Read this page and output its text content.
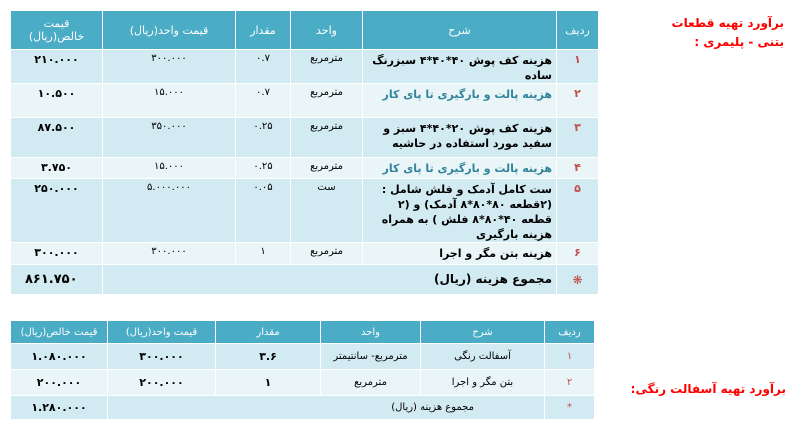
برآورد تهیه قطعات
بتنی - پلیمری :
قیمت خالص(ریال)	قیمت واحد(ریال)	مقدار	واحد	شرح	ردیف
۲۱۰.۰۰۰	۳۰۰.۰۰۰	۰.۷	مترمربع	هزینه کف پوش ۴۰*۴۰*۴ سبزرنگ ساده	۱
۱۰.۵۰۰	۱۵.۰۰۰	۰.۷	مترمربع	هزینه پالت و بارگیری تا پای کار	۲
۸۷.۵۰۰	۳۵۰.۰۰۰	۰.۲۵	مترمربع	هزینه کف پوش ۲۰*۴۰*۴ سبز و سفید مورد استفاده در حاشیه	۳
۳.۷۵۰	۱۵.۰۰۰	۰.۲۵	مترمربع	هزینه پالت و بارگیری تا پای کار	۴
۲۵۰.۰۰۰	۵.۰۰۰.۰۰۰	۰.۰۵	ست	ست کامل آدمک و فلش شامل : (۲قطعه ۸۰*۸۰*۸ آدمک) و (۲ قطعه ۴۰*۸۰*۸ فلش ) به همراه هزینه بارگیری	۵
۳۰۰.۰۰۰	۳۰۰.۰۰۰	۱	مترمربع	هزینه بتن مگر و اجرا	۶
۸۶۱.۷۵۰	مجموع هزینه (ریال)				❋
قیمت خالص(ریال)	قیمت واحد(ریال)	مقدار	واحد	شرح	ردیف
۱.۰۸۰.۰۰۰	۳۰۰.۰۰۰	۳.۶	مترمربع- سانتیمتر	آسفالت رنگی	۱
۲۰۰.۰۰۰	۲۰۰.۰۰۰	۱	مترمربع	بتن مگر و اجرا	۲
۱.۲۸۰.۰۰۰	مجموع هزینه (ریال)				*
برآورد تهیه آسفالت رنگی:
